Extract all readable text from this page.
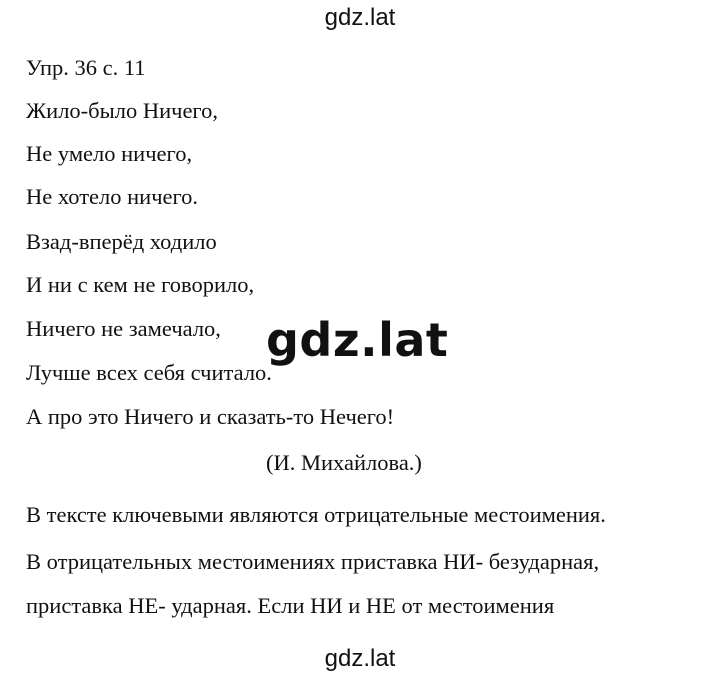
gdz.lat
Упр. 36 с. 11
Жило-было Ничего,
Не умело ничего,
Не хотело ничего.
Взад-вперёд ходило
И ни с кем не говорило,
Ничего не замечало,
Лучше всех себя считало.
А про это Ничего и сказать-то Нечего!
(И. Михайлова.)
В тексте ключевыми являются отрицательные местоимения.
В отрицательных местоимениях приставка НИ- безударная,
приставка НЕ- ударная. Если НИ и НЕ от местоимения
gdz.lat
gdz.lat
